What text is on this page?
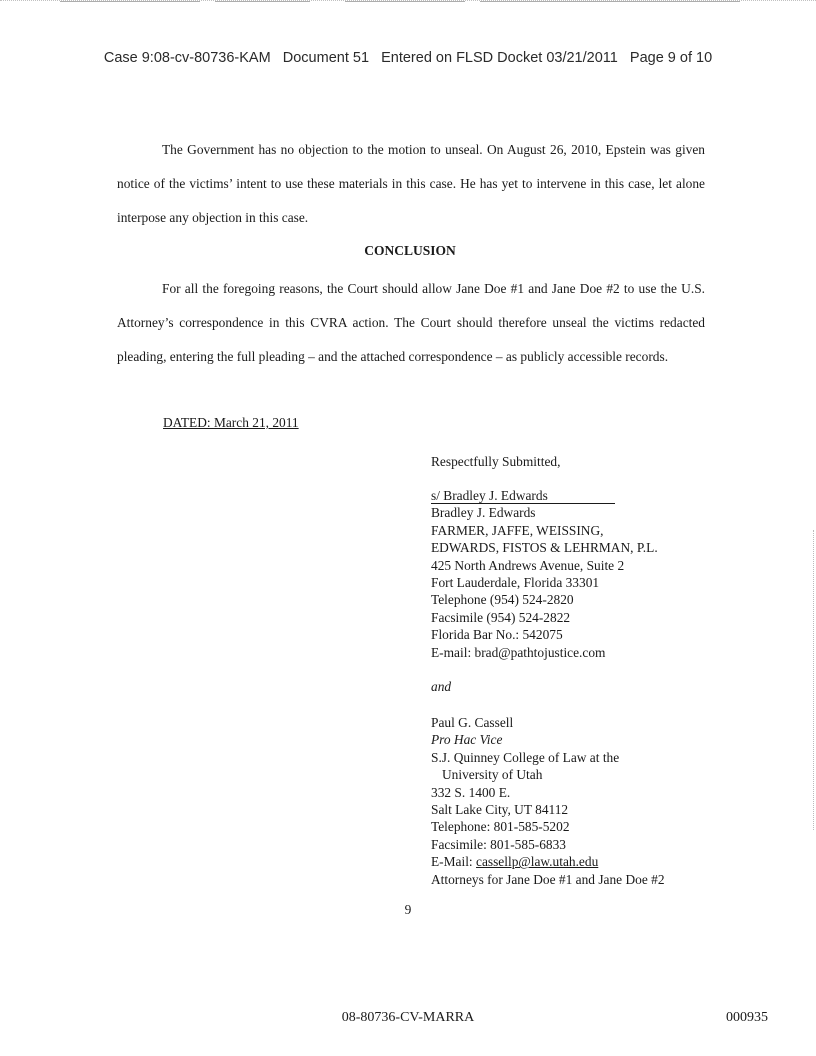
Case 9:08-cv-80736-KAM   Document 51   Entered on FLSD Docket 03/21/2011   Page 9 of 10
The Government has no objection to the motion to unseal. On August 26, 2010, Epstein was given notice of the victims’ intent to use these materials in this case. He has yet to intervene in this case, let alone interpose any objection in this case.
CONCLUSION
For all the foregoing reasons, the Court should allow Jane Doe #1 and Jane Doe #2 to use the U.S. Attorney’s correspondence in this CVRA action. The Court should therefore unseal the victims redacted pleading, entering the full pleading – and the attached correspondence – as publicly accessible records.
DATED: March 21, 2011
Respectfully Submitted,
s/ Bradley J. Edwards
Bradley J. Edwards
FARMER, JAFFE, WEISSING,
EDWARDS, FISTOS & LEHRMAN, P.L.
425 North Andrews Avenue, Suite 2
Fort Lauderdale, Florida 33301
Telephone (954) 524-2820
Facsimile (954) 524-2822
Florida Bar No.: 542075
E-mail: brad@pathtojustice.com
and
Paul G. Cassell
Pro Hac Vice
S.J. Quinney College of Law at the
University of Utah
332 S. 1400 E.
Salt Lake City, UT 84112
Telephone: 801-585-5202
Facsimile: 801-585-6833
E-Mail: cassellp@law.utah.edu
Attorneys for Jane Doe #1 and Jane Doe #2
9
08-80736-CV-MARRA	000935
